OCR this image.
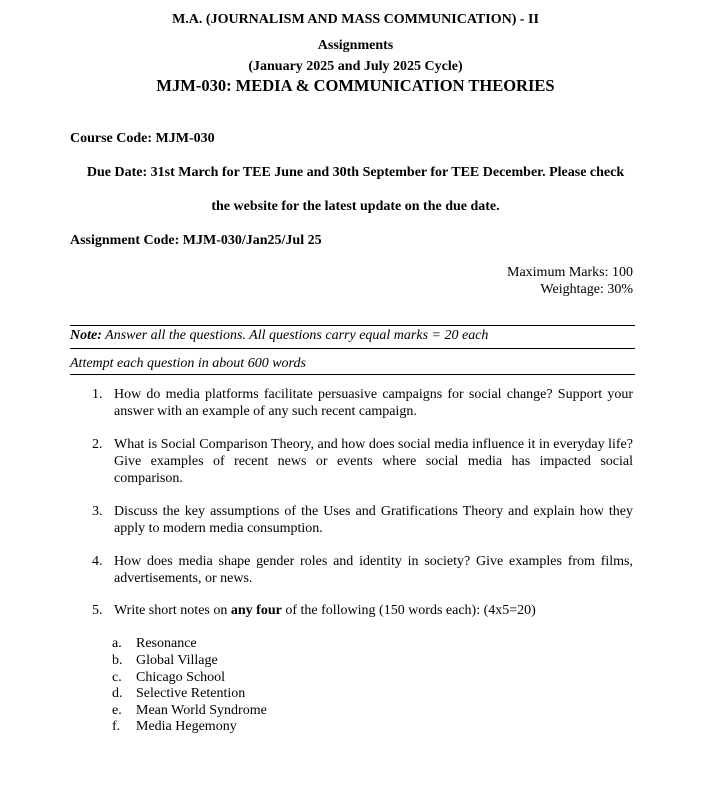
M.A. (JOURNALISM AND MASS COMMUNICATION) - II
Assignments
(January 2025 and July 2025 Cycle)
MJM-030: MEDIA & COMMUNICATION THEORIES
Course Code: MJM-030
Due Date: 31st March for TEE June and 30th September for TEE December. Please check
the website for the latest update on the due date.
Assignment Code: MJM-030/Jan25/Jul 25
Maximum Marks: 100
Weightage: 30%
Note: Answer all the questions. All questions carry equal marks = 20 each
Attempt each question in about 600 words
1. How do media platforms facilitate persuasive campaigns for social change? Support your answer with an example of any such recent campaign.
2. What is Social Comparison Theory, and how does social media influence it in everyday life? Give examples of recent news or events where social media has impacted social comparison.
3. Discuss the key assumptions of the Uses and Gratifications Theory and explain how they apply to modern media consumption.
4. How does media shape gender roles and identity in society? Give examples from films, advertisements, or news.
5. Write short notes on any four of the following (150 words each): (4x5=20)
a. Resonance
b. Global Village
c. Chicago School
d. Selective Retention
e. Mean World Syndrome
f. Media Hegemony
